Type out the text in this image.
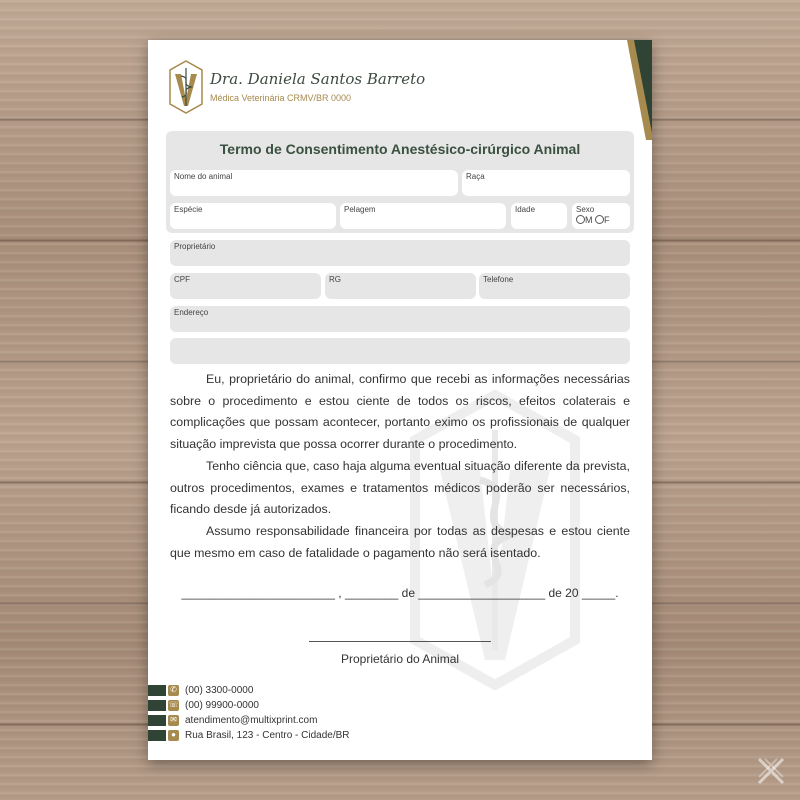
Dra. Daniela Santos Barreto
Médica Veterinária CRMV/BR 0000
Termo de Consentimento Anestésico-cirúrgico Animal
Nome do animal	Raça
Espécie	Pelagem	Idade	Sexo
M F
Proprietário
CPF	RG	Telefone
Endereço

Eu, proprietário do animal, confirmo que recebi as informações necessárias sobre o procedimento e estou ciente de todos os riscos, efeitos colaterais e complicações que possam acontecer, portanto eximo os profissionais de qualquer situação imprevista que possa ocorrer durante o procedimento.

Tenho ciência que, caso haja alguma eventual situação diferente da prevista, outros procedimentos, exames e tratamentos médicos poderão ser necessários, ficando desde já autorizados.

Assumo responsabilidade financeira por todas as despesas e estou ciente que mesmo em caso de fatalidade o pagamento não será isentado.

_______________________ , ________ de ___________________ de 20 _____.
Proprietário do Animal
✆ (00) 3300-0000
☏ (00) 99900-0000
✉ atendimento@multixprint.com
● Rua Brasil, 123 - Centro - Cidade/BR
